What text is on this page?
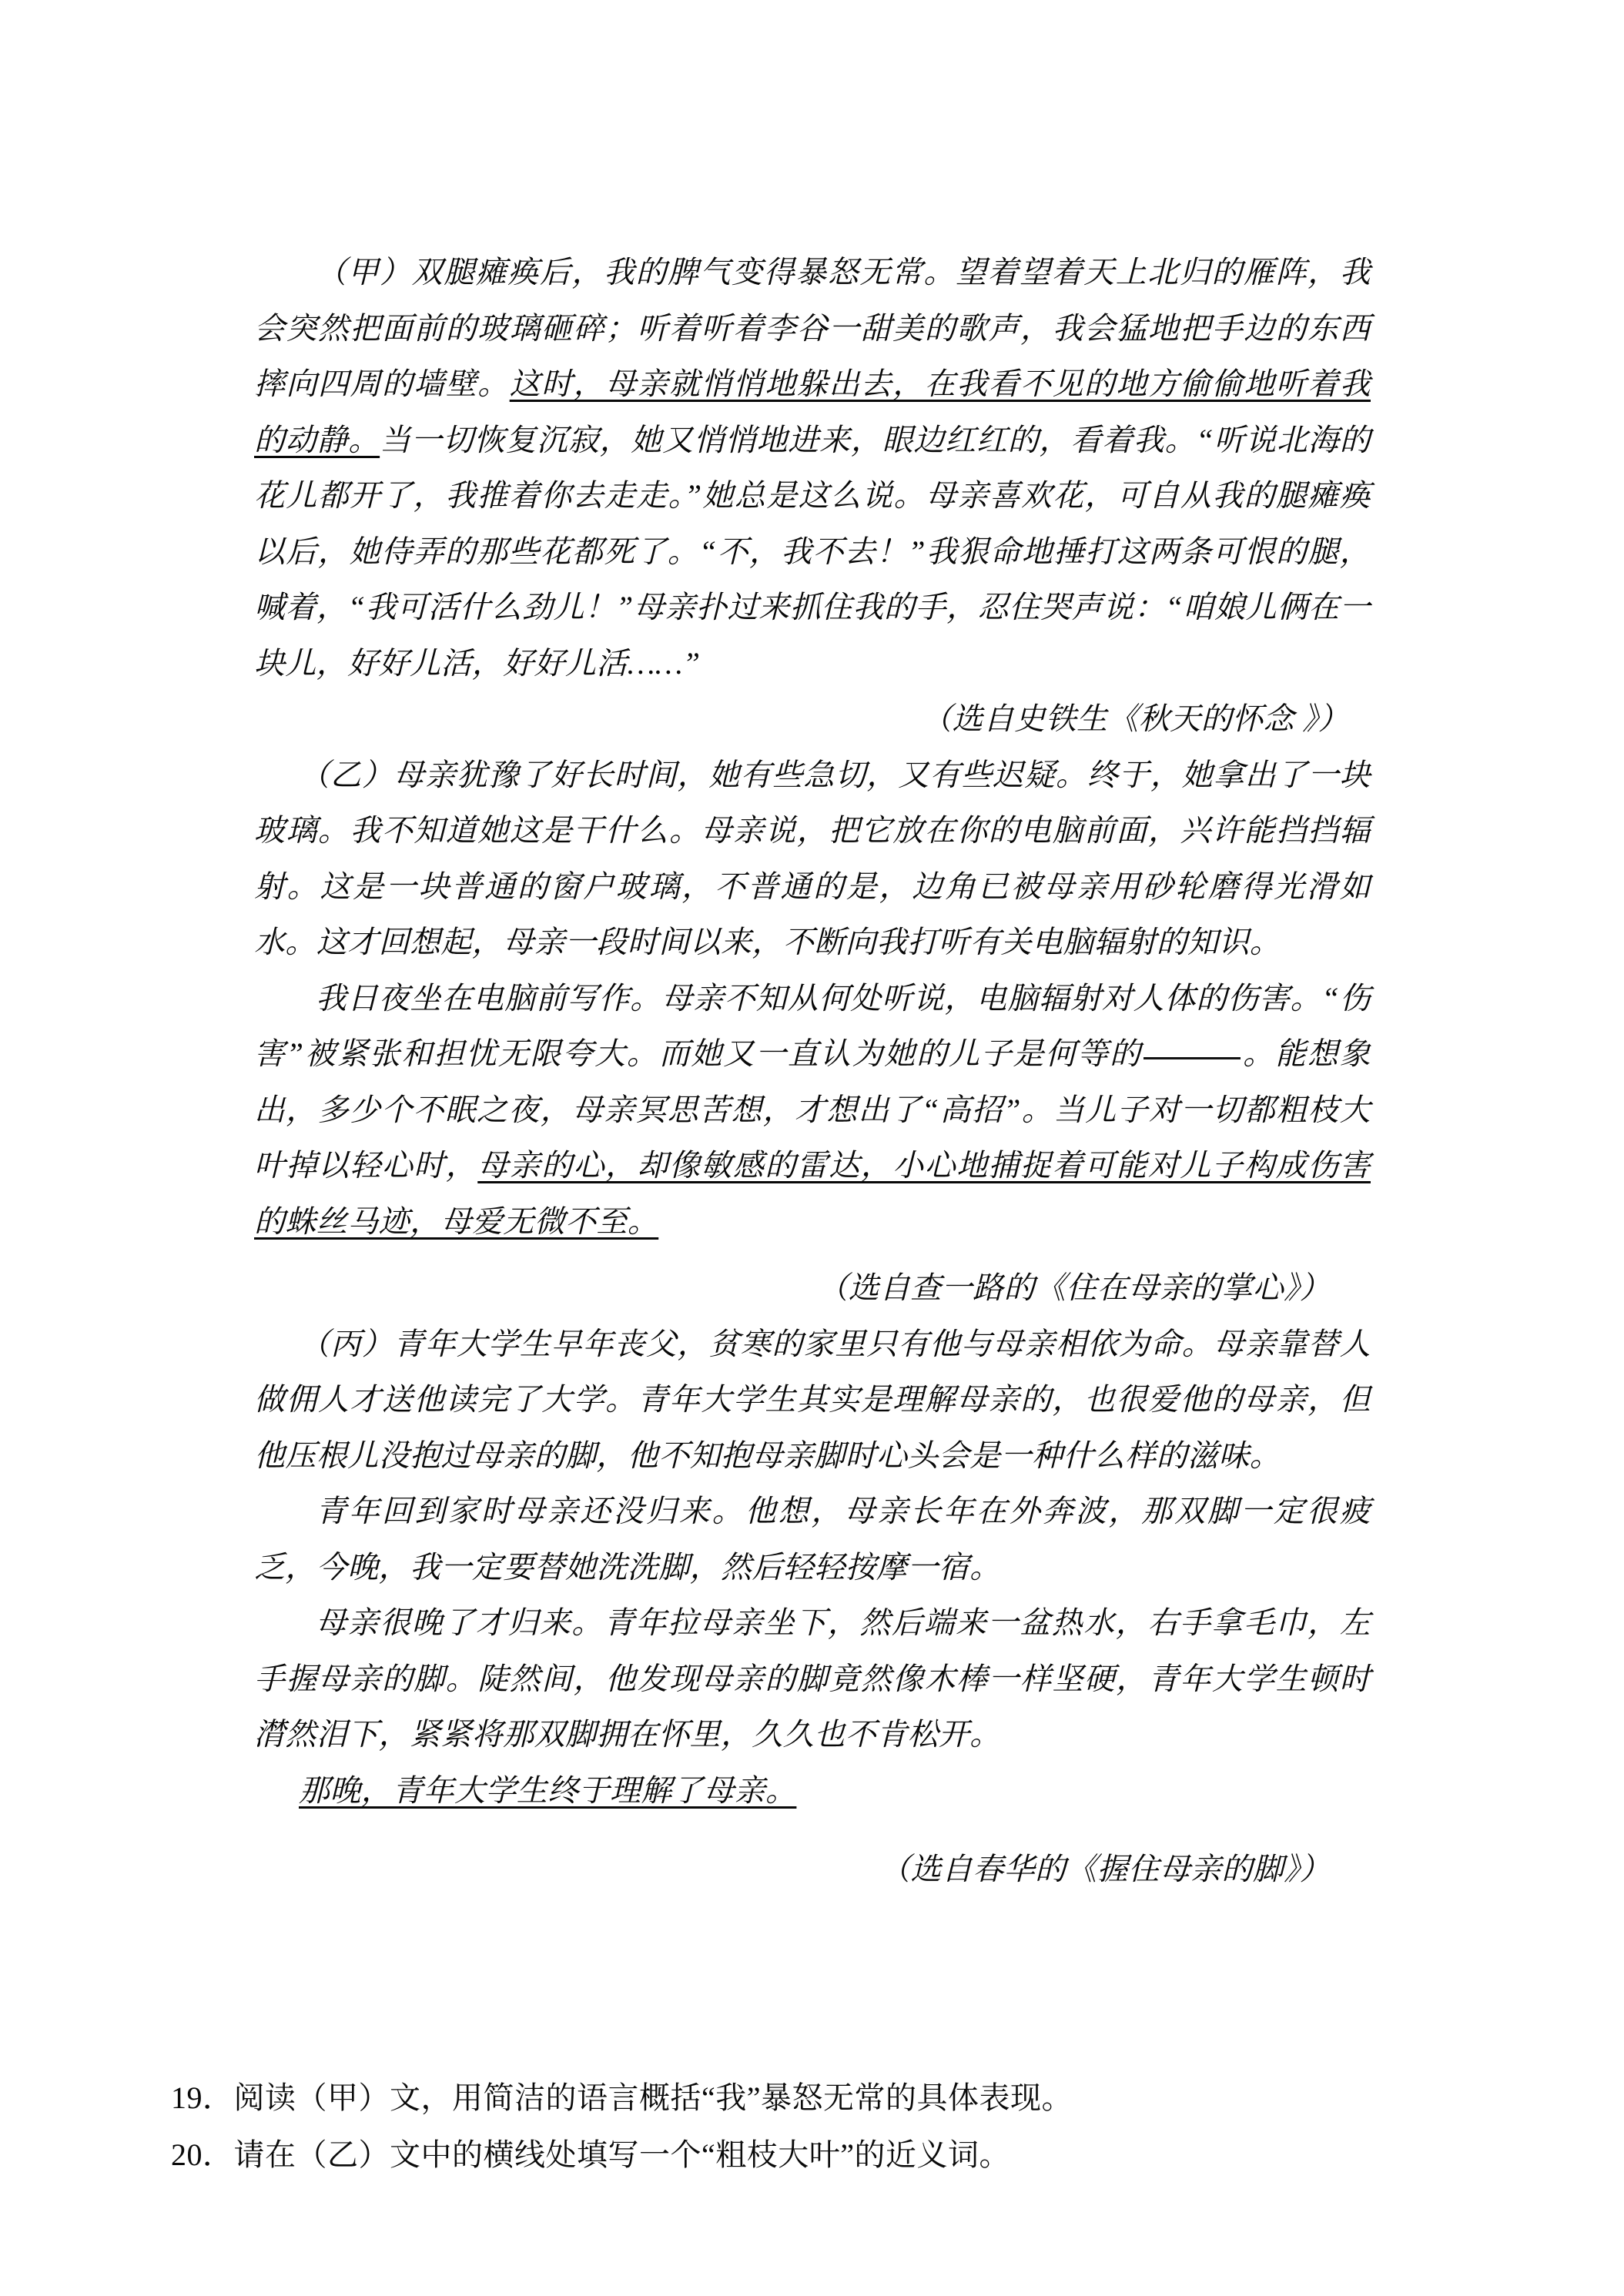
（甲）双腿瘫痪后，我的脾气变得暴怒无常。望着望着天上北归的雁阵，我会突然把面前的玻璃砸碎；听着听着李谷一甜美的歌声，我会猛地把手边的东西摔向四周的墙壁。这时，母亲就悄悄地躲出去，在我看不见的地方偷偷地听着我的动静。当一切恢复沉寂，她又悄悄地进来，眼边红红的，看着我。“听说北海的花儿都开了，我推着你去走走。”她总是这么说。母亲喜欢花，可自从我的腿瘫痪以后，她侍弄的那些花都死了。“不，我不去！”我狠命地捶打这两条可恨的腿，喊着，“我可活什么劲儿！”母亲扑过来抓住我的手，忍住哭声说：“咱娘儿俩在一块儿，好好儿活，好好儿活……”

（选自史铁生《秋天的怀念 》）

（乙）母亲犹豫了好长时间，她有些急切，又有些迟疑。终于，她拿出了一块玻璃。我不知道她这是干什么。母亲说，把它放在你的电脑前面，兴许能挡挡辐射。这是一块普通的窗户玻璃，不普通的是，边角已被母亲用砂轮磨得光滑如水。这才回想起，母亲一段时间以来，不断向我打听有关电脑辐射的知识。

我日夜坐在电脑前写作。母亲不知从何处听说，电脑辐射对人体的伤害。“伤害”被紧张和担忧无限夸大。而她又一直认为她的儿子是何等的	。能想象出，多少个不眠之夜，母亲冥思苦想，才想出了“高招”。当儿子对一切都粗枝大叶掉以轻心时，母亲的心，却像敏感的雷达，小心地捕捉着可能对儿子构成伤害的蛛丝马迹，母爱无微不至。

（选自查一路的《住在母亲的掌心》）

（丙）青年大学生早年丧父，贫寒的家里只有他与母亲相依为命。母亲靠替人做佣人才送他读完了大学。青年大学生其实是理解母亲的，也很爱他的母亲，但他压根儿没抱过母亲的脚，他不知抱母亲脚时心头会是一种什么样的滋味。

青年回到家时母亲还没归来。他想，母亲长年在外奔波，那双脚一定很疲乏，今晚，我一定要替她洗洗脚，然后轻轻按摩一宿。

母亲很晚了才归来。青年拉母亲坐下，然后端来一盆热水，右手拿毛巾，左手握母亲的脚。陡然间，他发现母亲的脚竟然像木棒一样坚硬，青年大学生顿时潸然泪下，紧紧将那双脚拥在怀里，久久也不肯松开。

那晚，青年大学生终于理解了母亲。

（选自春华的《握住母亲的脚》）

19．阅读（甲）文，用简洁的语言概括“我”暴怒无常的具体表现。

20．请在（乙）文中的横线处填写一个“粗枝大叶”的近义词。
